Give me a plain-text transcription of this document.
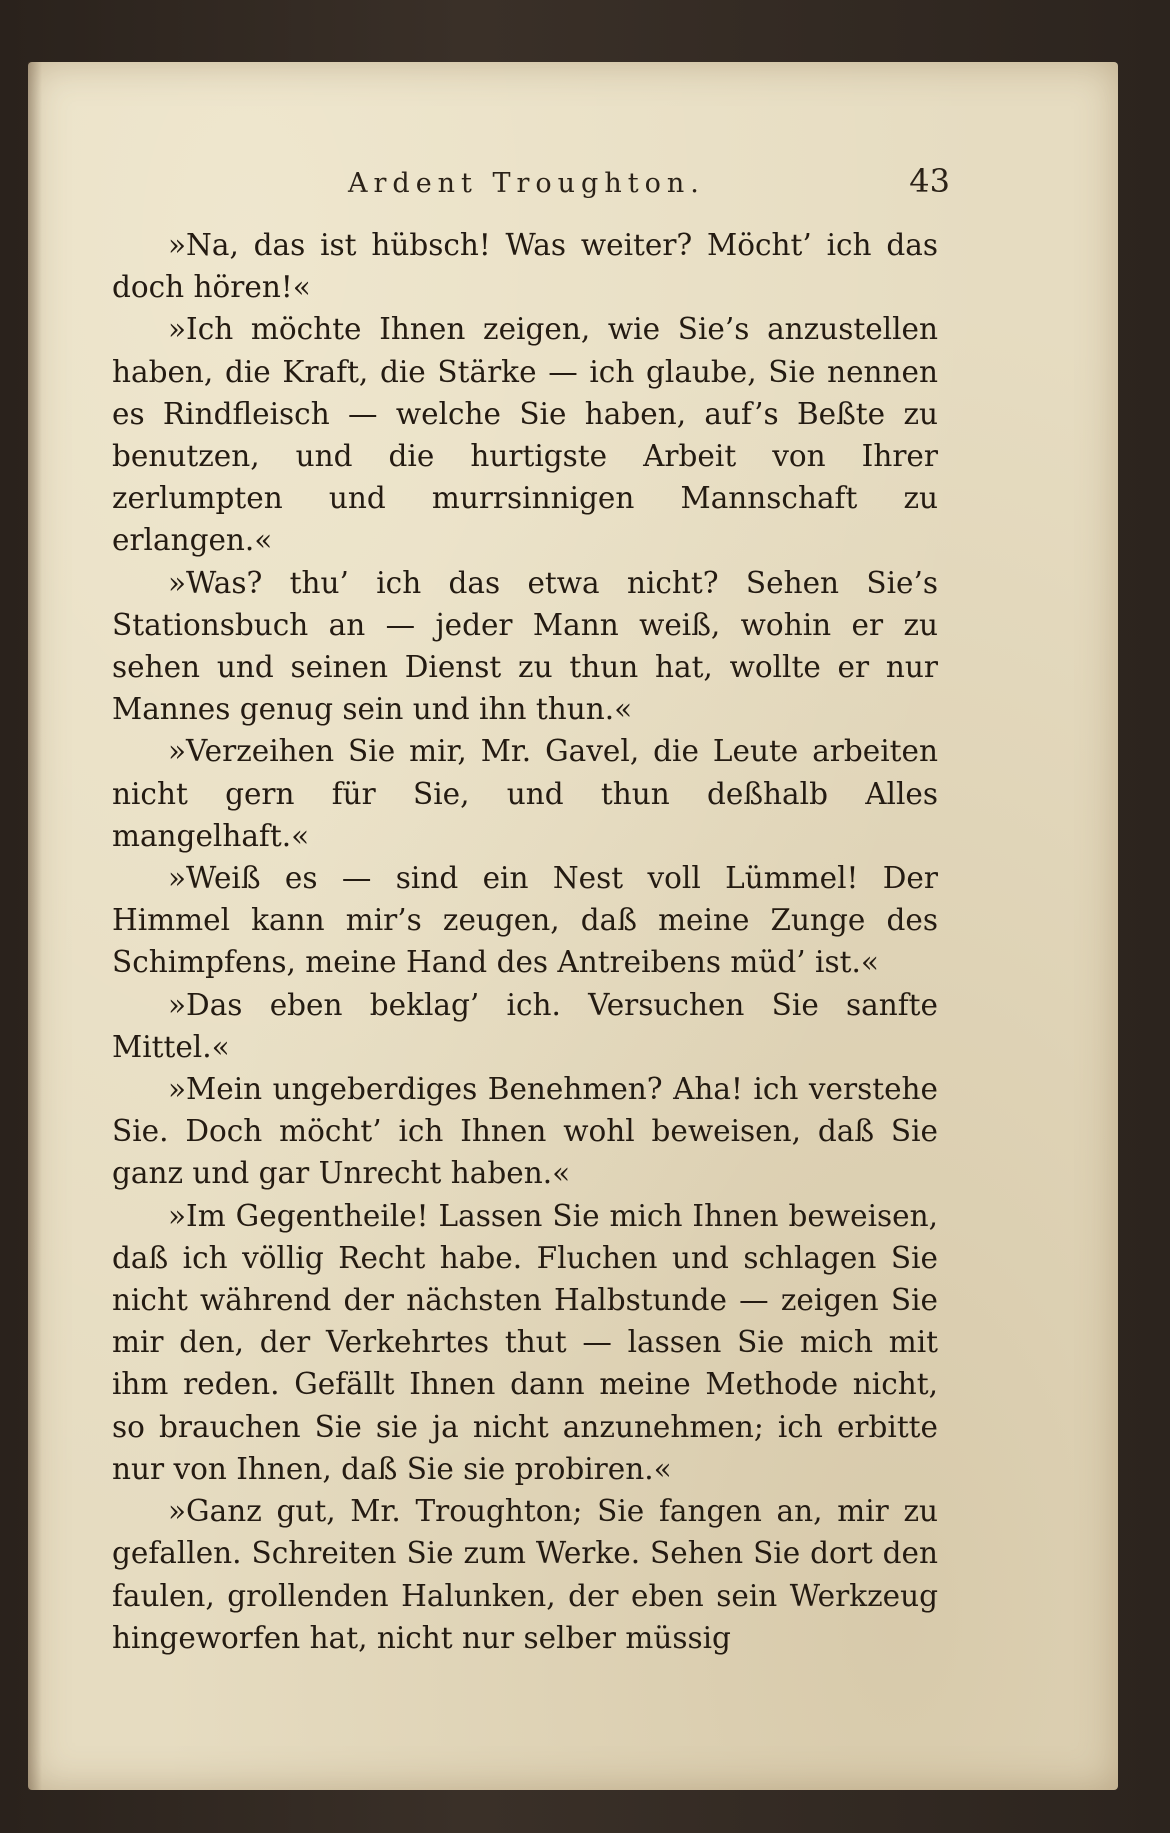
Ardent Troughton.	43

»Na, das ist hübsch! Was weiter? Möcht’ ich das doch hören!«

»Ich möchte Ihnen zeigen, wie Sie’s anzustellen haben, die Kraft, die Stärke — ich glaube, Sie nennen es Rindfleisch — welche Sie haben, auf’s Beßte zu benutzen, und die hurtigste Arbeit von Ihrer zerlumpten und murrsinnigen Mannschaft zu erlangen.«

»Was? thu’ ich das etwa nicht? Sehen Sie’s Stationsbuch an — jeder Mann weiß, wohin er zu sehen und seinen Dienst zu thun hat, wollte er nur Mannes genug sein und ihn thun.«

»Verzeihen Sie mir, Mr. Gavel, die Leute arbeiten nicht gern für Sie, und thun deßhalb Alles mangelhaft.«

»Weiß es — sind ein Nest voll Lümmel! Der Himmel kann mir’s zeugen, daß meine Zunge des Schimpfens, meine Hand des Antreibens müd’ ist.«

»Das eben beklag’ ich. Versuchen Sie sanfte Mittel.«

»Mein ungeberdiges Benehmen? Aha! ich verstehe Sie. Doch möcht’ ich Ihnen wohl beweisen, daß Sie ganz und gar Unrecht haben.«

»Im Gegentheile! Lassen Sie mich Ihnen beweisen, daß ich völlig Recht habe. Fluchen und schlagen Sie nicht während der nächsten Halbstunde — zeigen Sie mir den, der Verkehrtes thut — lassen Sie mich mit ihm reden. Gefällt Ihnen dann meine Methode nicht, so brauchen Sie sie ja nicht anzunehmen; ich erbitte nur von Ihnen, daß Sie sie probiren.«

»Ganz gut, Mr. Troughton; Sie fangen an, mir zu gefallen. Schreiten Sie zum Werke. Sehen Sie dort den faulen, grollenden Halunken, der eben sein Werkzeug hingeworfen hat, nicht nur selber müssig
